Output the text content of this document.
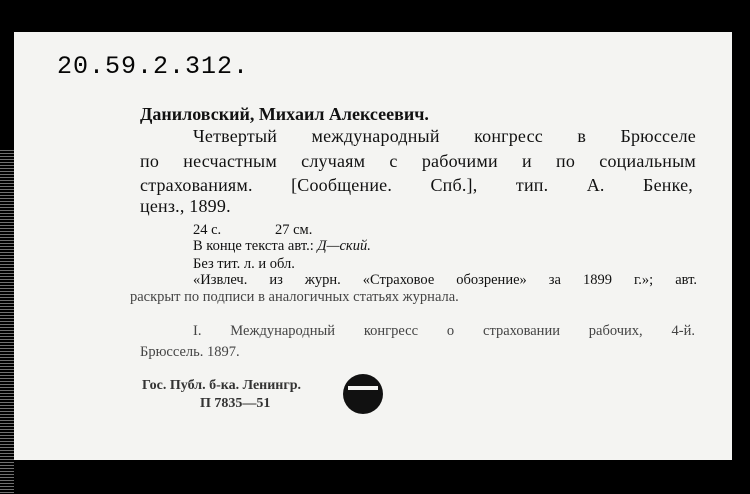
20.59.2.312.
Даниловский, Михаил Алексеевич.
Четвертый международный конгресс в Брюсселе
по несчастным случаям с рабочими и по социальным
страхованиям. [Сообщение. Спб.], тип. А. Бенке,
ценз., 1899.
24 с.	27 см.
В конце текста авт.: Д—ский.
Без тит. л. и обл.
«Извлеч. из журн. «Страховое обозрение» за 1899 г.»; авт.
раскрыт по подписи в аналогичных статьях журнала.
I. Международный конгресс о страховании рабочих, 4-й.
Брюссель. 1897.
Гос. Публ. б-ка. Ленингр.
П 7835—51
